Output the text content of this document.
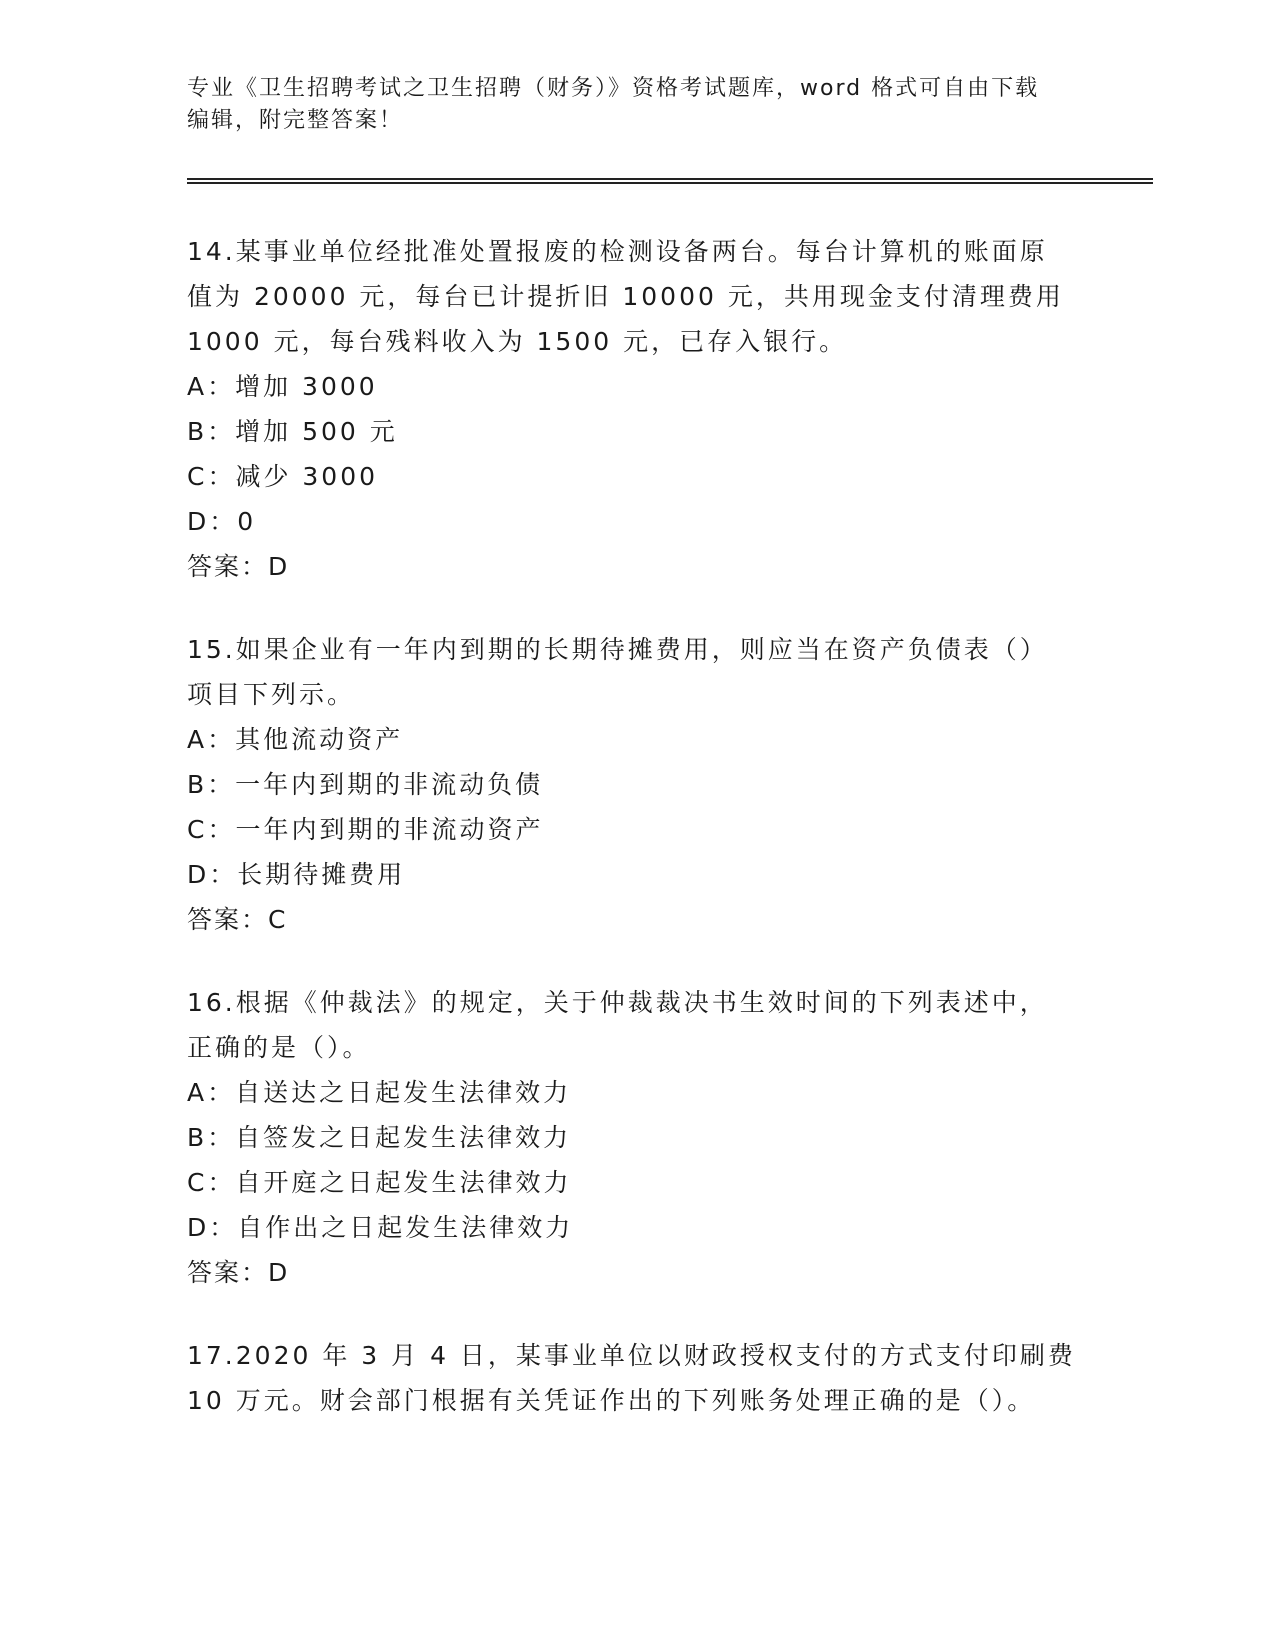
专业《卫生招聘考试之卫生招聘（财务）》资格考试题库，word 格式可自由下载
编辑，附完整答案！

14.某事业单位经批准处置报废的检测设备两台。每台计算机的账面原

值为 20000 元，每台已计提折旧 10000 元，共用现金支付清理费用

1000 元，每台残料收入为 1500 元，已存入银行。

A：增加 3000

B：增加 500 元

C：减少 3000

D：0

答案：D

15.如果企业有一年内到期的长期待摊费用，则应当在资产负债表（）

项目下列示。

A：其他流动资产

B：一年内到期的非流动负债

C：一年内到期的非流动资产

D：长期待摊费用

答案：C

16.根据《仲裁法》的规定，关于仲裁裁决书生效时间的下列表述中，

正确的是（）。

A：自送达之日起发生法律效力

B：自签发之日起发生法律效力

C：自开庭之日起发生法律效力

D：自作出之日起发生法律效力

答案：D

17.2020 年 3 月 4 日，某事业单位以财政授权支付的方式支付印刷费

10 万元。财会部门根据有关凭证作出的下列账务处理正确的是（）。
